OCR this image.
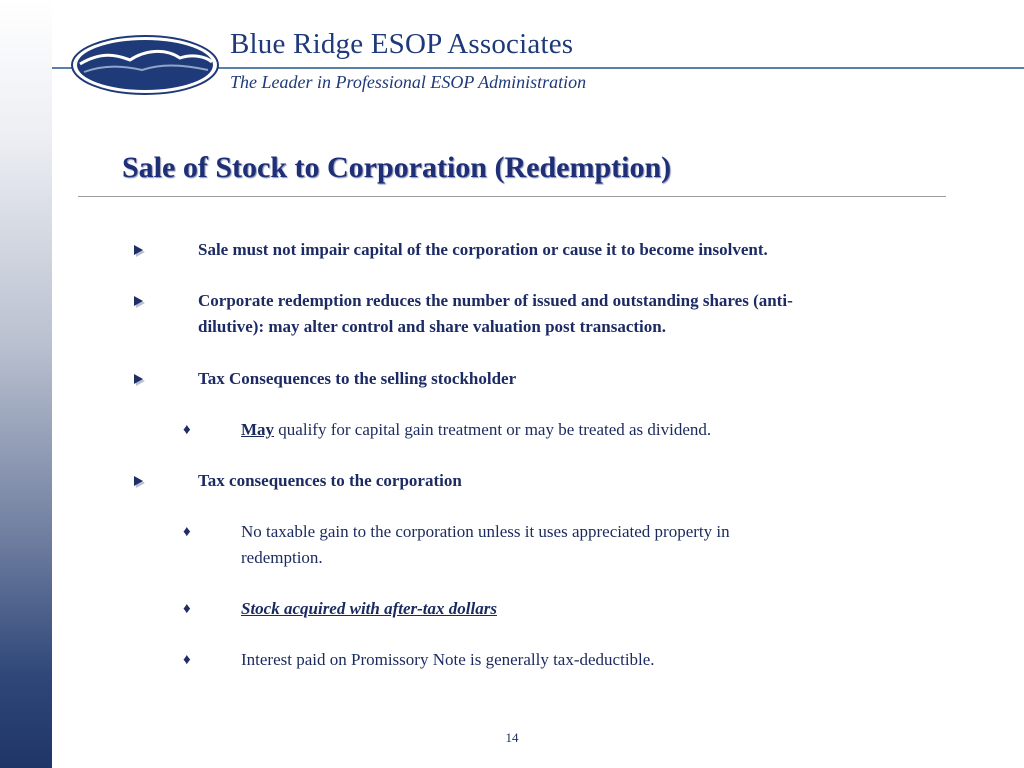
Blue Ridge ESOP Associates
The Leader in Professional ESOP Administration
Sale of Stock to Corporation (Redemption)
Sale must not impair capital of the corporation or cause it to become insolvent.
Corporate redemption reduces the number of issued and outstanding shares (anti-
dilutive): may alter control and share valuation post transaction.
Tax Consequences to the selling stockholder
♦	May qualify for capital gain treatment or may be treated as dividend.
Tax consequences to the corporation
♦	No taxable gain to the corporation unless it uses appreciated property in
redemption.
♦	Stock acquired with after-tax dollars
♦	Interest paid on Promissory Note is generally tax-deductible.
14
